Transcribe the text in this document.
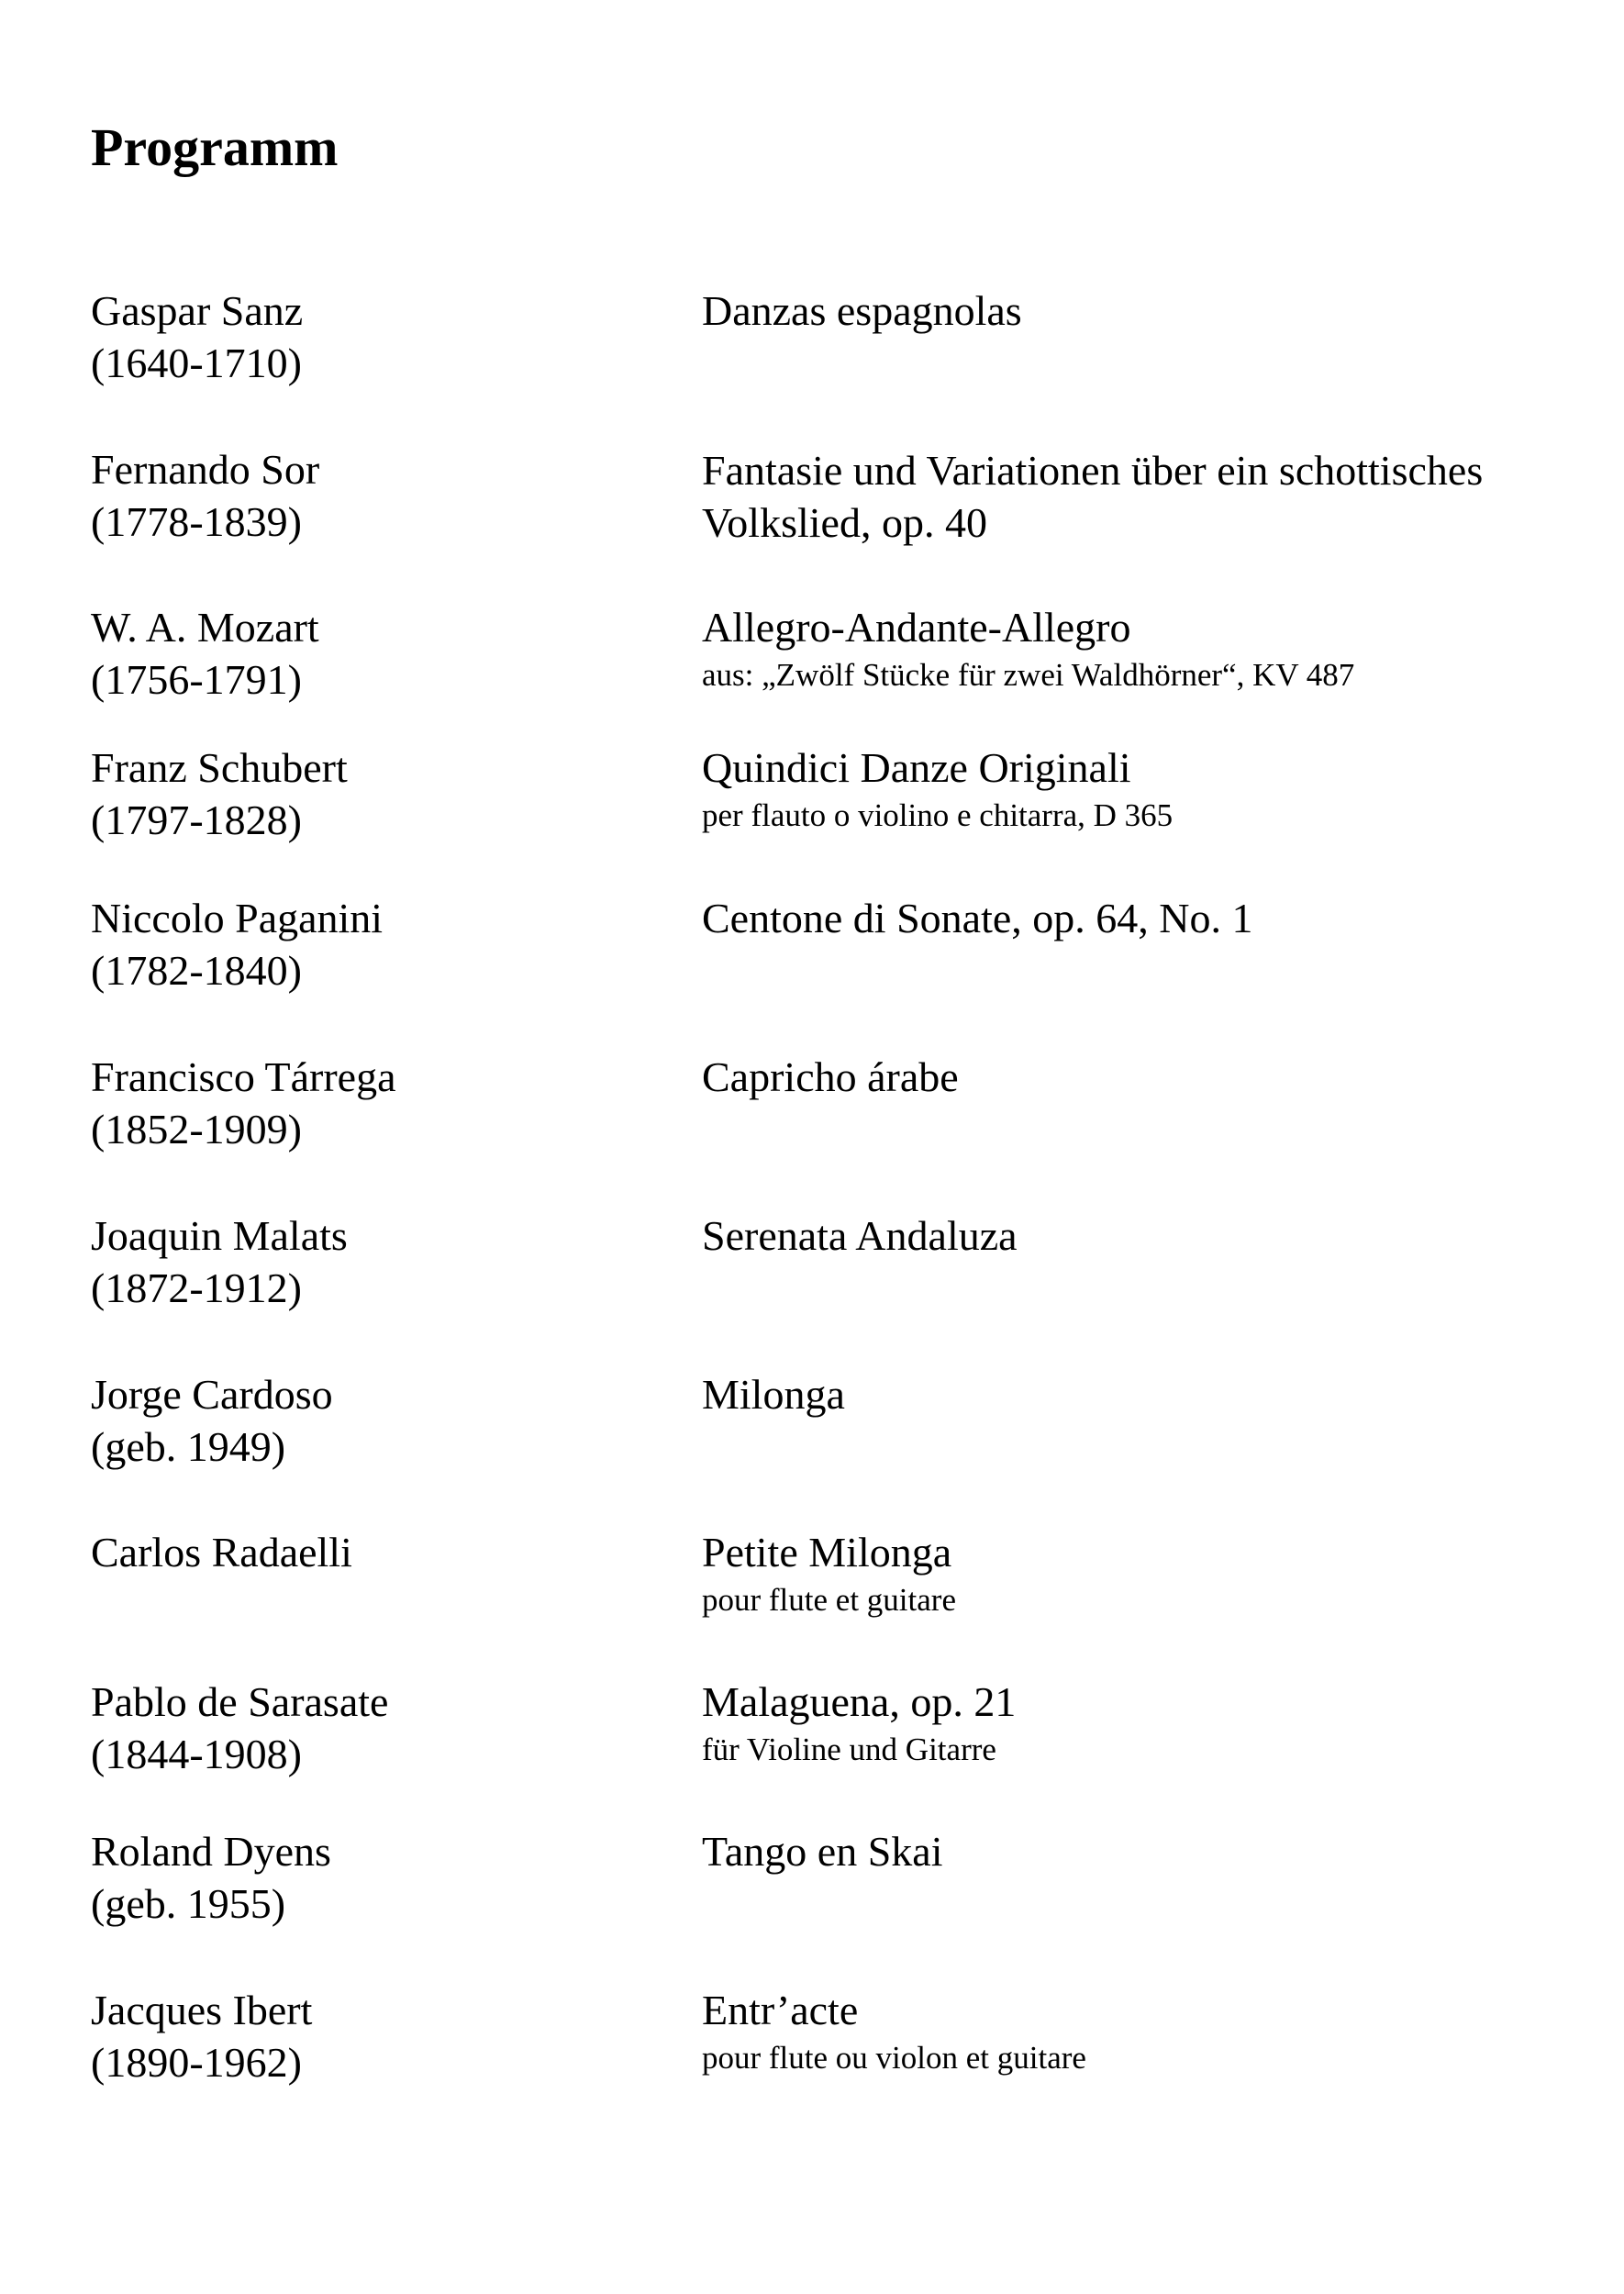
Programm
Gaspar Sanz
(1640-1710)
Danzas espagnolas
Fernando Sor
(1778-1839)
Fantasie und Variationen über ein schottisches Volkslied, op. 40
W. A. Mozart
(1756-1791)
Allegro-Andante-Allegro
aus: „Zwölf Stücke für zwei Waldhörner“, KV 487
Franz Schubert
(1797-1828)
Quindici Danze Originali
per flauto o violino e chitarra, D 365
Niccolo Paganini
(1782-1840)
Centone di Sonate, op. 64, No. 1
Francisco Tárrega
(1852-1909)
Capricho árabe
Joaquin Malats
(1872-1912)
Serenata Andaluza
Jorge Cardoso
(geb. 1949)
Milonga
Carlos Radaelli	Petite Milonga
pour flute et guitare
Pablo de Sarasate
(1844-1908)
Malaguena, op. 21
für Violine und Gitarre
Roland Dyens
(geb. 1955)
Tango en Skai
Jacques Ibert
(1890-1962)
Entr’acte
pour flute ou violon et guitare
